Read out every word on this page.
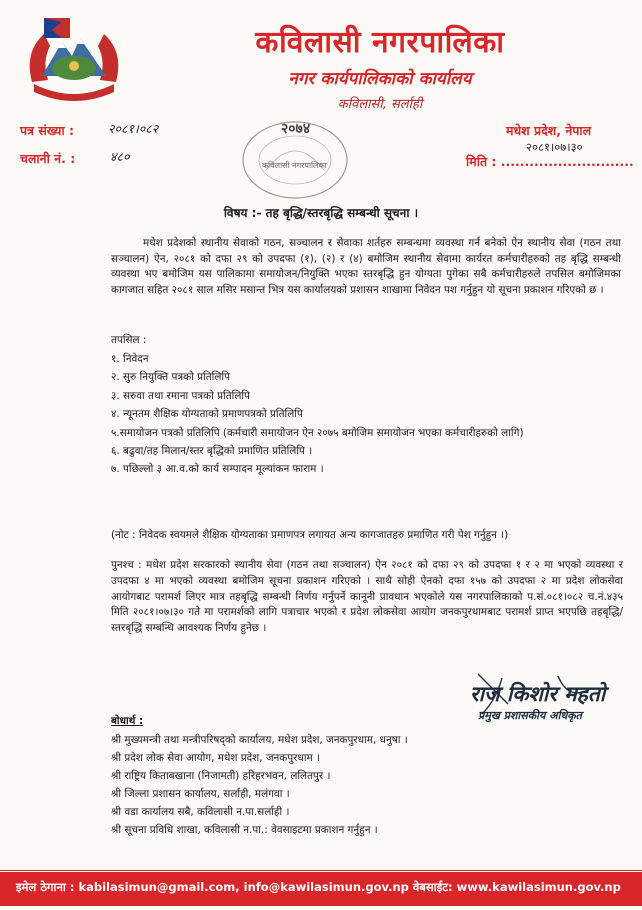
कविलासी नगरपालिका
नगर कार्यपालिकाको कार्यालय
कविलासी, सर्लाही
पत्र संख्या :	२०८१।०८२
चलानी नं. :	४८०
मधेश प्रदेश, नेपाल
२०८१।०७।३०
मिति : ............................
२०७४
कविलासी नगरपालिका
विषय :- तह बृद्धि/स्तरबृद्धि सम्बन्धी सूचना ।

मधेश प्रदेशको स्थानीय सेवाको गठन, सञ्चालन र सेवाका शर्तहरु सम्बन्धमा व्यवस्था गर्न बनेको ऐन स्थानीय सेवा (गठन तथा सञ्चालन) ऐन, २०८१ को दफा २९ को उपदफा (१), (२) र (४) बमोजिम स्थानीय सेवामा कार्यरत कर्मचारीहरुको तह बृद्धि सम्बन्धी व्यवस्था भए बमोजिम यस पालिकामा समायोजन/नियुक्ति भएका स्तरबृद्धि हुन योग्यता पुगेका सबै कर्मचारीहरुले तपसिल बमोजिमका कागजात सहित २०८१ साल मसिर मसान्त भित्र यस कार्यालयको प्रशासन शाखामा निवेदन पश गर्नुहुन यो सूचना प्रकाशन गरिएको छ ।

तपसिल :
१. निवेदन
२. सुरु नियुक्ति पत्रको प्रतिलिपि
३. सरुवा तथा रमाना पत्रको प्रतिलिपि
४. न्यूनतम शैक्षिक योग्यताको प्रमाणपत्रको प्रतिलिपि
५.समायोजन पत्रको प्रतिलिपि (कर्मचारी समायोजन ऐन २०७५ बमोजिम समायोजन भएका कर्मचारीहरुको लागि)
६. बढुवा/तह मिलान/स्तर बृद्धिको प्रमाणित प्रतिलिपि ।
७. पछिल्लो ३ आ.व.को कार्य सम्पादन मूल्यांकन फाराम ।
(नोट : निवेदक स्वयमले शैक्षिक योग्यताका प्रमाणपत्र लगायत अन्य कागजातहरु प्रमाणित गरी पेश गर्नुहुन ।)

पुनश्च : मधेश प्रदेश सरकारको स्थानीय सेवा (गठन तथा सञ्चालन) ऐन २०८१ को दफा २९ को उपदफा १ र २ मा भएको व्यवस्था र उपदफा ४ मा भएको व्यवस्था बमोजिम सूचना प्रकाशन गरिएको । साथै सोही ऐनको दफा १५७ को उपदफा २ मा प्रदेश लोकसेवा आयोगबाट परामर्श लिएर मात्र तहबृद्धि सम्बन्धी निर्णय गर्नुपर्ने कानूनी प्रावधान भएकोले यस नगरपालिकाको प.सं.०८१।०८२ च.नं.४३५ मिति २०८१।०७।३० गते मा परामर्शको लागि पत्राचार भएको र प्रदेश लोकसेवा आयोग जनकपुरधामबाट परामर्श प्राप्त भएपछि तहबृद्धि/स्तरबृद्धि सम्बन्धि आवश्यक निर्णय हुनेछ ।

राज किशोर महतो
प्रमुख प्रशासकीय अधिकृत
बोधार्थ :
श्री मुख्यमन्त्री तथा मन्त्रीपरिषद्को कार्यालय, मधेश प्रदेश, जनकपुरधाम, धनुषा ।
श्री प्रदेश लोक सेवा आयोग, मधेश प्रदेश, जनकपुरधाम ।
श्री राष्ट्रिय किताबखाना (निजामती) हरिहरभवन, ललितपुर ।
श्री जिल्ला प्रशासन कार्यालय, सर्लाही, मलंगवा ।
श्री वडा कार्यालय सबै, कविलासी न.पा.सर्लाही ।
श्री सूचना प्रविधि शाखा, कविलासी न.पा.: वेवसाइटमा प्रकाशन गर्नुहुन ।
इमेल ठेगाना : kabilasimun@gmail.com, info@kawilasimun.gov.np वेबसाईट: www.kawilasimun.gov.np
